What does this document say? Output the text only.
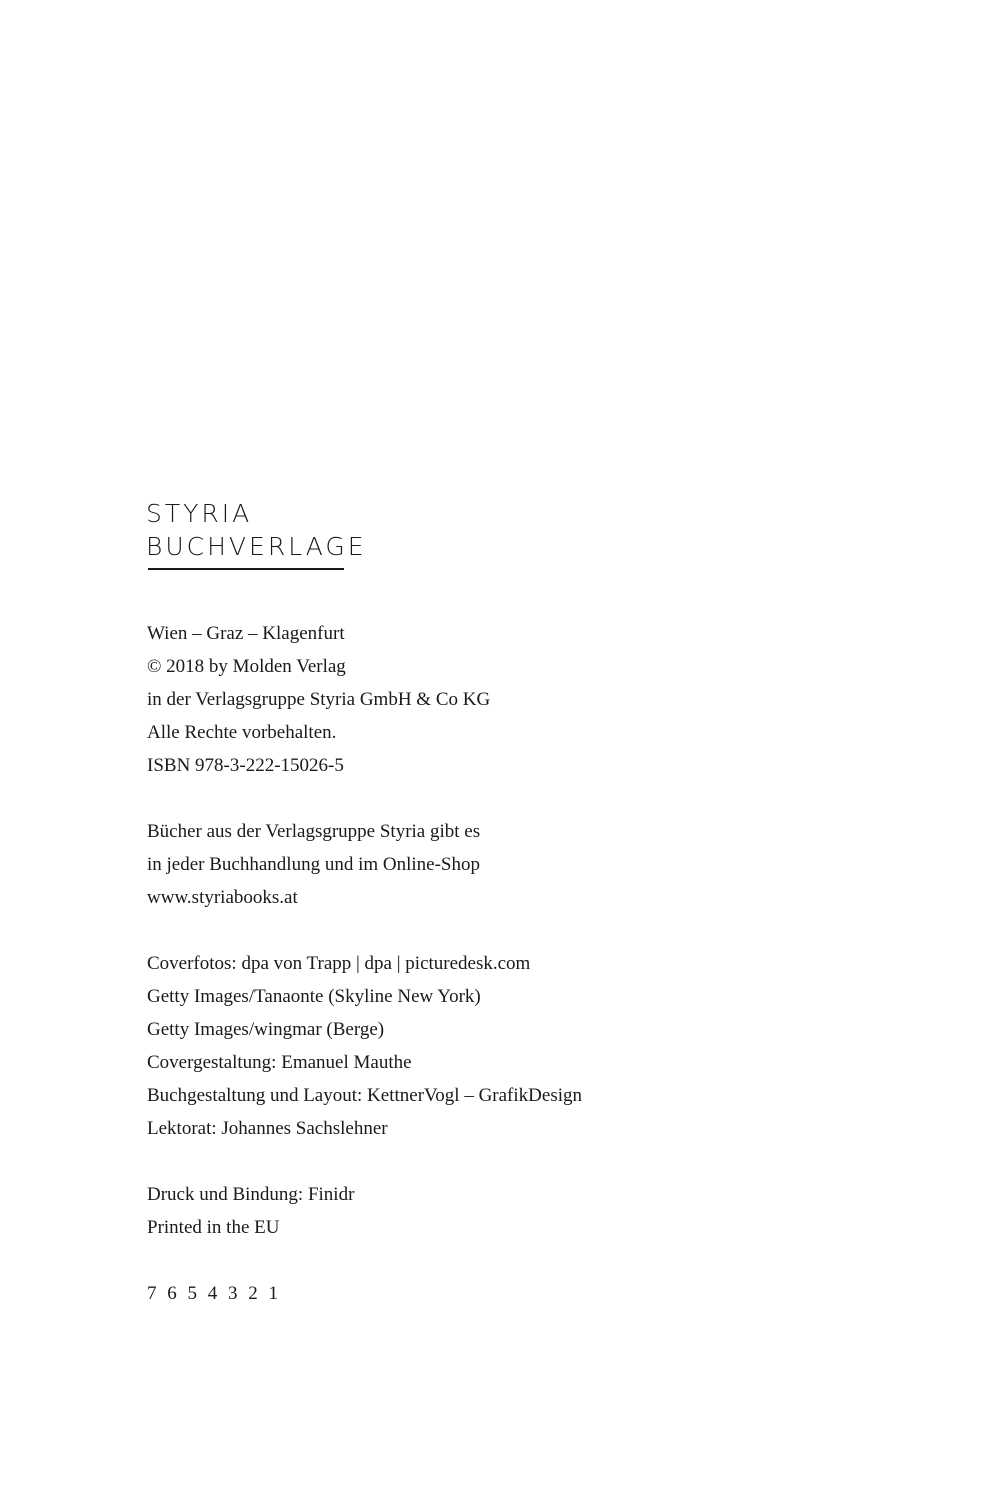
STYRIA
BUCHVERLAGE
Wien – Graz – Klagenfurt
© 2018 by Molden Verlag
in der Verlagsgruppe Styria GmbH & Co KG
Alle Rechte vorbehalten.
ISBN 978-3-222-15026-5
Bücher aus der Verlagsgruppe Styria gibt es
in jeder Buchhandlung und im Online-Shop
www.styriabooks.at
Coverfotos: dpa von Trapp | dpa | picturedesk.com
Getty Images/Tanaonte (Skyline New York)
Getty Images/wingmar (Berge)
Covergestaltung: Emanuel Mauthe
Buchgestaltung und Layout: KettnerVogl – GrafikDesign
Lektorat: Johannes Sachslehner
Druck und Bindung: Finidr
Printed in the EU
7 6 5 4 3 2 1
